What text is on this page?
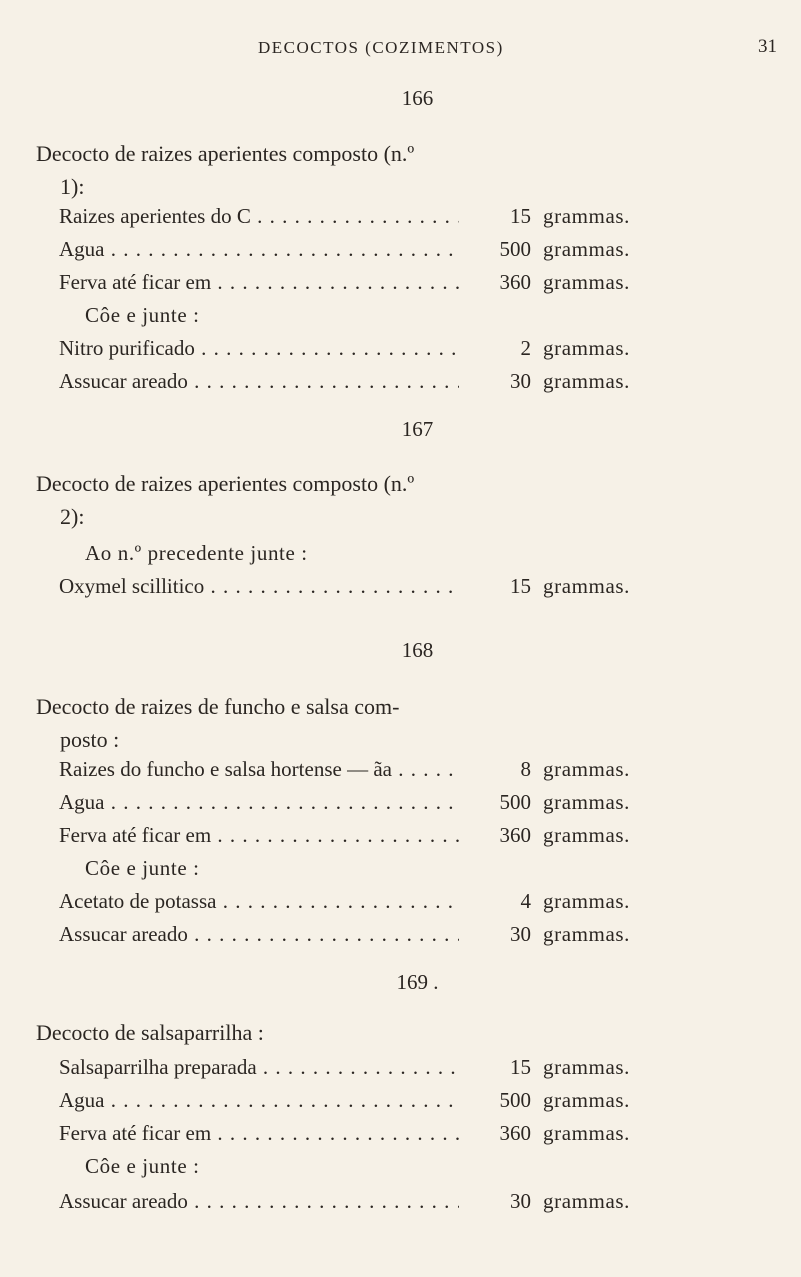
DECOCTOS (COZIMENTOS)	31
166
Decocto de raizes aperientes composto (n.º
1):
Raizes aperientes do C . . .	15 grammas.
Agua . . .	500 grammas.
Ferva até ficar em . . .	360 grammas.
Côe e junte :
Nitro purificado . . .	2 grammas.
Assucar areado . . .	30 grammas.
167
Decocto de raizes aperientes composto (n.º
2):
Ao n.º precedente junte :
Oxymel scillitico . . .	15 grammas.
168
Decocto de raizes de funcho e salsa com-
posto :
Raizes do funcho e salsa hortense — ãa . . .	8 grammas.
Agua . . .	500 grammas.
Ferva até ficar em . . .	360 grammas.
Côe e junte :
Acetato de potassa . . .	4 grammas.
Assucar areado . . .	30 grammas.
169 .
Decocto de salsaparrilha :
Salsaparrilha preparada . . .	15 grammas.
Agua . . .	500 grammas.
Ferva até ficar em . . .	360 grammas.
Côe e junte :
Assucar areado . . .	30 grammas.
